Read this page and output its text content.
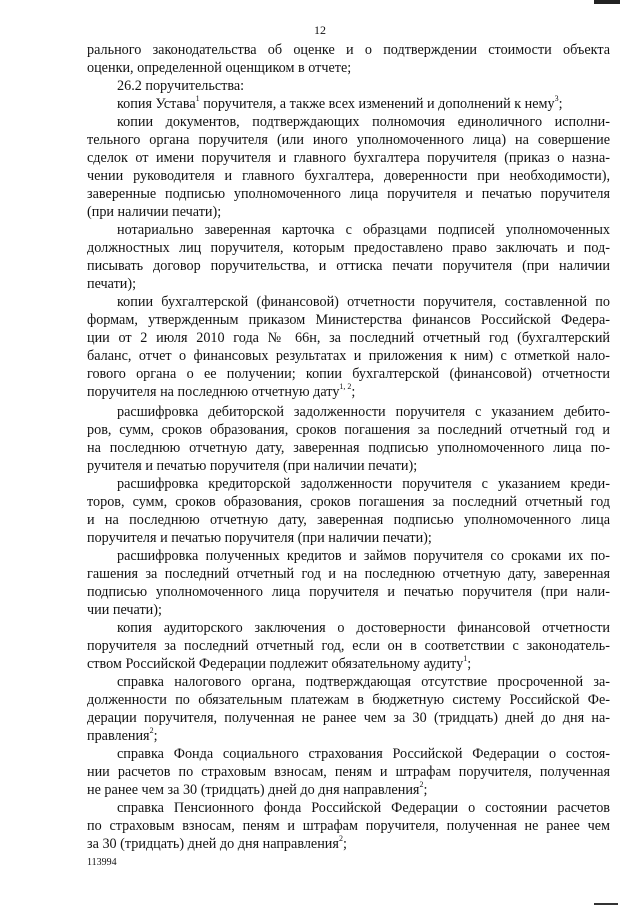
12
рального законодательства об оценке и о подтверждении стоимости объекта
оценки, определенной оценщиком в отчете;
26.2 поручительства:
копия Устава$^1$ поручителя, а также всех изменений и дополнений к нему$^3$;
копии документов, подтверждающих полномочия единоличного исполни-
тельного органа поручителя (или иного уполномоченного лица) на совершение
сделок от имени поручителя и главного бухгалтера поручителя (приказ о назна-
чении руководителя и главного бухгалтера, доверенности при необходимости),
заверенные подписью уполномоченного лица поручителя и печатью поручителя
(при наличии печати);
нотариально заверенная карточка с образцами подписей уполномоченных
должностных лиц поручителя, которым предоставлено право заключать и под-
писывать договор поручительства, и оттиска печати поручителя (при наличии
печати);
копии бухгалтерской (финансовой) отчетности поручителя, составленной по
формам, утвержденным приказом Министерства финансов Российской Федера-
ции от 2 июля 2010 года № 66н, за последний отчетный год (бухгалтерский
баланс, отчет о финансовых результатах и приложения к ним) с отметкой нало-
гового органа о ее получении; копии бухгалтерской (финансовой) отчетности
поручителя на последнюю отчетную дату$^{1, 2}$;
расшифровка дебиторской задолженности поручителя с указанием дебито-
ров, сумм, сроков образования, сроков погашения за последний отчетный год и
на последнюю отчетную дату, заверенная подписью уполномоченного лица по-
ручителя и печатью поручителя (при наличии печати);
расшифровка кредиторской задолженности поручителя с указанием креди-
торов, сумм, сроков образования, сроков погашения за последний отчетный год
и на последнюю отчетную дату, заверенная подписью уполномоченного лица
поручителя и печатью поручителя (при наличии печати);
расшифровка полученных кредитов и займов поручителя со сроками их по-
гашения за последний отчетный год и на последнюю отчетную дату, заверенная
подписью уполномоченного лица поручителя и печатью поручителя (при нали-
чии печати);
копия аудиторского заключения о достоверности финансовой отчетности
поручителя за последний отчетный год, если он в соответствии с законодатель-
ством Российской Федерации подлежит обязательному аудиту$^1$;
справка налогового органа, подтверждающая отсутствие просроченной за-
долженности по обязательным платежам в бюджетную систему Российской Фе-
дерации поручителя, полученная не ранее чем за 30 (тридцать) дней до дня на-
правления$^2$;
справка Фонда социального страхования Российской Федерации о состоя-
нии расчетов по страховым взносам, пеням и штрафам поручителя, полученная
не ранее чем за 30 (тридцать) дней до дня направления$^2$;
справка Пенсионного фонда Российской Федерации о состоянии расчетов
по страховым взносам, пеням и штрафам поручителя, полученная не ранее чем
за 30 (тридцать) дней до дня направления$^2$;
113994
